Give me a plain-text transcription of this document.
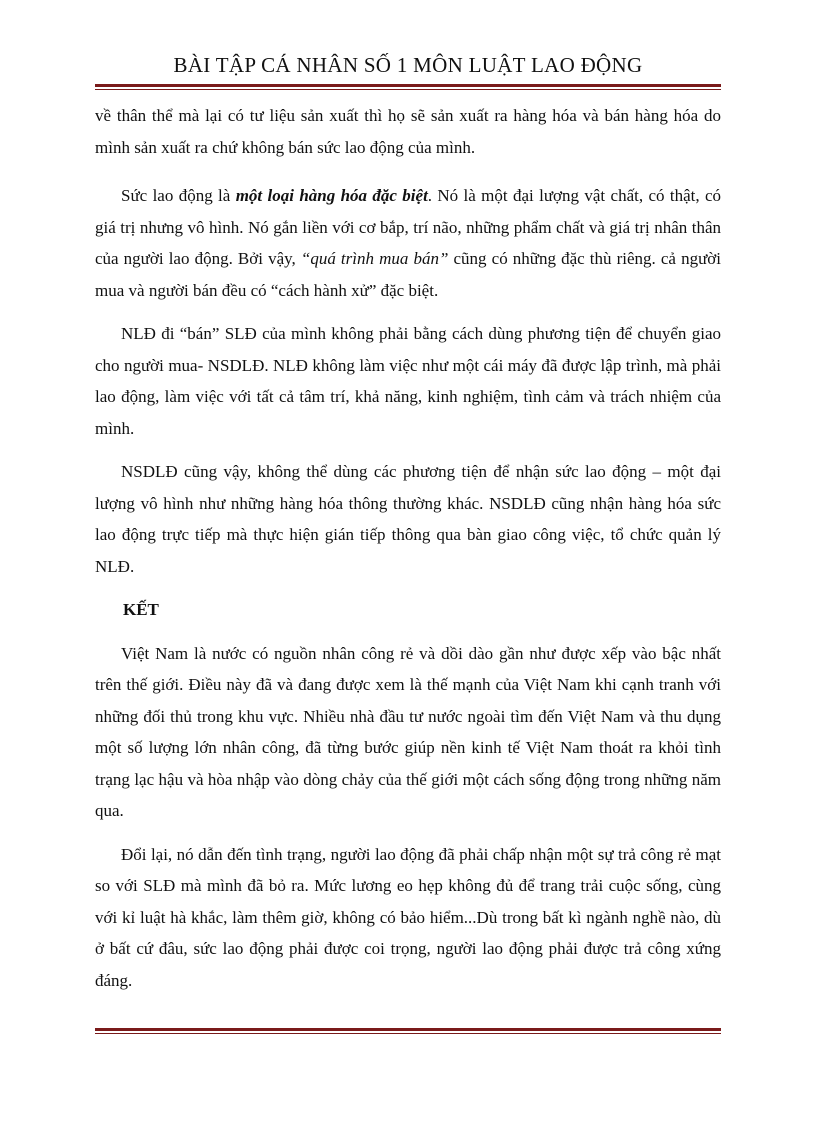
BÀI TẬP CÁ NHÂN SỐ 1 MÔN LUẬT LAO ĐỘNG

về thân thể mà lại có tư liệu sản xuất thì họ sẽ sản xuất ra hàng hóa và bán hàng hóa do mình sản xuất ra chứ không bán sức lao động của mình.

Sức lao động là một loại hàng hóa đặc biệt. Nó là một đại lượng vật chất, có thật, có giá trị nhưng vô hình. Nó gắn liền với cơ bắp, trí não, những phẩm chất và giá trị nhân thân của người lao động. Bởi vậy, “quá trình mua bán” cũng có những đặc thù riêng. cả người mua và người bán đều có “cách hành xử” đặc biệt.

NLĐ đi “bán” SLĐ của mình không phải bằng cách dùng phương tiện để chuyển giao cho người mua- NSDLĐ. NLĐ không làm việc như một cái máy đã được lập trình, mà phải lao động, làm việc với tất cả tâm trí, khả năng, kinh nghiệm, tình cảm và trách nhiệm của mình.

NSDLĐ cũng vậy, không thể dùng các phương tiện để nhận sức lao động – một đại lượng vô hình như những hàng hóa thông thường khác. NSDLĐ cũng nhận hàng hóa sức lao động trực tiếp mà thực hiện gián tiếp thông qua bàn giao công việc, tổ chức quản lý NLĐ.

KẾT

Việt Nam là nước có nguồn nhân công rẻ và dồi dào gần như được xếp vào bậc nhất trên thế giới. Điều này đã và đang được xem là thế mạnh của Việt Nam khi cạnh tranh với những đối thủ trong khu vực. Nhiều nhà đầu tư nước ngoài tìm đến Việt Nam và thu dụng một số lượng lớn nhân công, đã từng bước giúp nền kinh tế Việt Nam thoát ra khỏi tình trạng lạc hậu và hòa nhập vào dòng chảy của thế giới một cách sống động trong những năm qua.

Đổi lại, nó dẫn đến tình trạng, người lao động đã phải chấp nhận một sự trả công rẻ mạt so với SLĐ mà mình đã bỏ ra. Mức lương eo hẹp không đủ để trang trải cuộc sống, cùng với kỉ luật hà khắc, làm thêm giờ, không có bảo hiểm...Dù trong bất kì ngành nghề nào, dù ở bất cứ đâu, sức lao động phải được coi trọng, người lao động phải được trả công xứng đáng.
